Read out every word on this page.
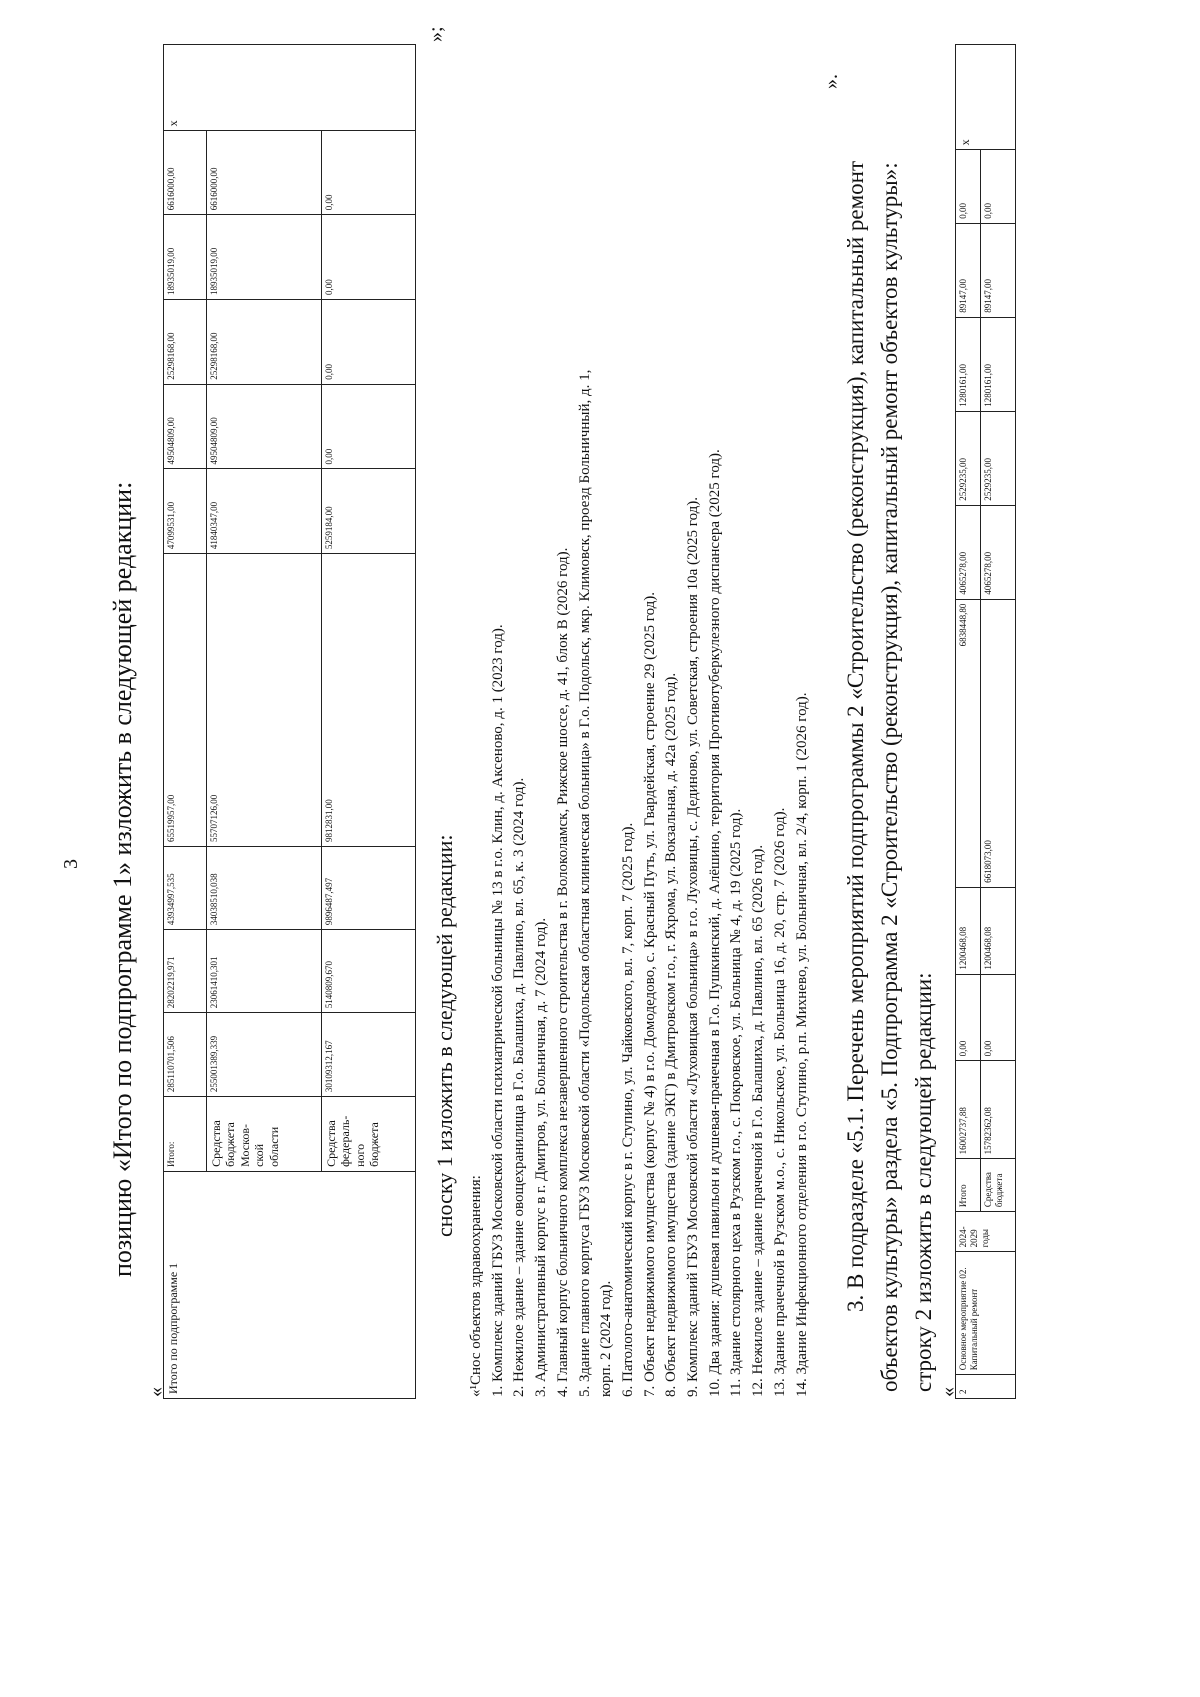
3 позицию «Итого по подпрограмме 1» изложить в следующей редакции:
« Итого по подпрограмме 1	Итого:	285110701,506	28202219,971	43934997,535	65519957,00	47099531,00	49504809,00	25298168,00	18935019,00	6616000,00	х
	Средства бюджета Москов-ской области	255001389,339	23061410,301	34038510,038	55707126,00	41840347,00	49504809,00	25298168,00	18935019,00	6616000,00	
	Средства федераль-ного бюджета	30109312,167	5140809,670	9896487,497	9812831,00	5259184,00	0,00	0,00	0,00	0,00	
»;
сноску 1 изложить в следующей редакции:
«¹Снос объектов здравоохранения: 1. Комплекс зданий ГБУЗ Московской области психиатрической больницы № 13 в г.о. Клин, д. Аксеново, д. 1 (2023 год). 2. Нежилое здание – здание овощехранилища в Г.о. Балашиха, д. Павлино, вл. 65, к. 3 (2024 год). 3. Административный корпус в г. Дмитров, ул. Больничная, д. 7 (2024 год). 4. Главный корпус больничного комплекса незавершенного строительства в г. Волоколамск, Рижское шоссе, д. 41, блок В (2026 год). 5. Здание главного корпуса ГБУЗ Московской области «Подольская областная клиническая больница» в Г.о. Подольск, мкр. Климовск, проезд Больничный, д. 1, корп. 2 (2024 год). 6. Патолого-анатомический корпус в г. Ступино, ул. Чайковского, вл. 7, корп. 7 (2025 год). 7. Объект недвижимого имущества (корпус № 4) в г.о. Домодедово, с. Красный Путь, ул. Гвардейская, строение 29 (2025 год). 8. Объект недвижимого имущества (здание ЭКГ) в Дмитровском г.о., г. Яхрома, ул. Вокзальная, д. 42а (2025 год). 9. Комплекс зданий ГБУЗ Московской области «Луховицкая больница» в г.о. Луховицы, с. Дединово, ул. Советская, строения 10а (2025 год). 10. Два здания: душевая павильон и душевая-прачечная в Г.о. Пушкинский, д. Алёшино, территория Противотуберкулезного диспансера (2025 год). 11. Здание столярного цеха в Рузском г.о., с. Покровское, ул. Больница № 4, д. 19 (2025 год). 12. Нежилое здание – здание прачечной в Г.о. Балашиха, д. Павлино, вл. 65 (2026 год). 13. Здание прачечной в Рузском м.о., с. Никольское, ул. Больница 16, д. 20, стр. 7 (2026 год). 14. Здание Инфекционного отделения в г.о. Ступино, р.п. Михнево, ул. Больничная, вл. 2/4, корп. 1 (2026 год).
».
3. В подразделе «5.1. Перечень мероприятий подпрограммы 2 «Строительство (реконструкция), капитальный ремонт объектов культуры» раздела «5. Подпрограмма 2 «Строительство (реконструкция), капитальный ремонт объектов культуры»: строку 2 изложить в следующей редакции: « 2	Основное мероприятие 02. Капитальный ремонт	2024-2029 годы	Итого	16002737,88	0,00	1200468,08	6838448,80	4065278,00	2529235,00	1280161,00	89147,00	0,00	х
			Средства бюджета	15782362,08	0,00	1200468,08	6618073,00	4065278,00	2529235,00	1280161,00	89147,00	0,00	
